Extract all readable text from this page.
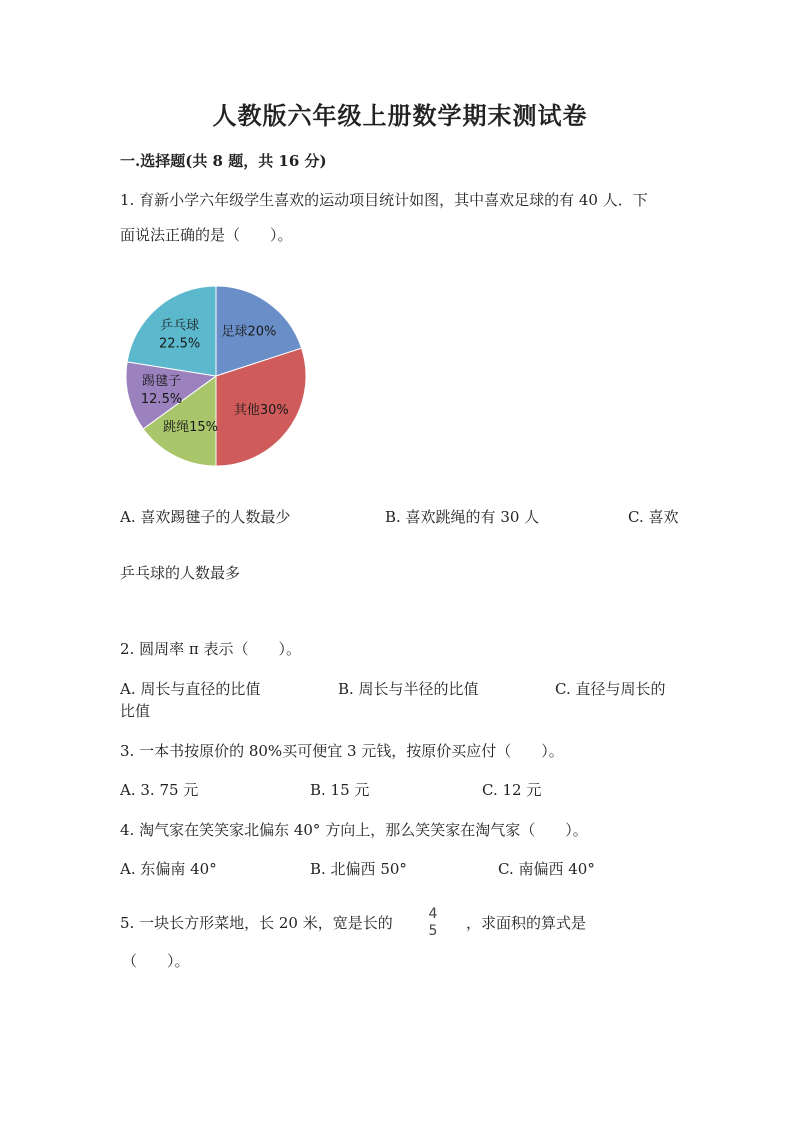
人教版六年级上册数学期末测试卷
一.选择题(共 8 题，共 16 分)
1. 育新小学六年级学生喜欢的运动项目统计如图，其中喜欢足球的有 40 人．下
面说法正确的是（　　）。
足球20%
其他30%
跳绳15%
踢毽子 12.5%
乒乓球 22.5%
A. 喜欢踢毽子的人数最少	B. 喜欢跳绳的有 30 人	C. 喜欢
乒乓球的人数最多
2. 圆周率 π 表示（　　）。
A. 周长与直径的比值	B. 周长与半径的比值	C. 直径与周长的
比值
3. 一本书按原价的 80%买可便宜 3 元钱，按原价买应付（　　）。
A. 3. 75 元	B. 15 元	C. 12 元
4. 淘气家在笑笑家北偏东 40° 方向上，那么笑笑家在淘气家（　　）。
A. 东偏南 40°	B. 北偏西 50°	C. 南偏西 40°
5. 一块长方形菜地，长 20 米，宽是长的	4
5 ，求面积的算式是
（　　）。
